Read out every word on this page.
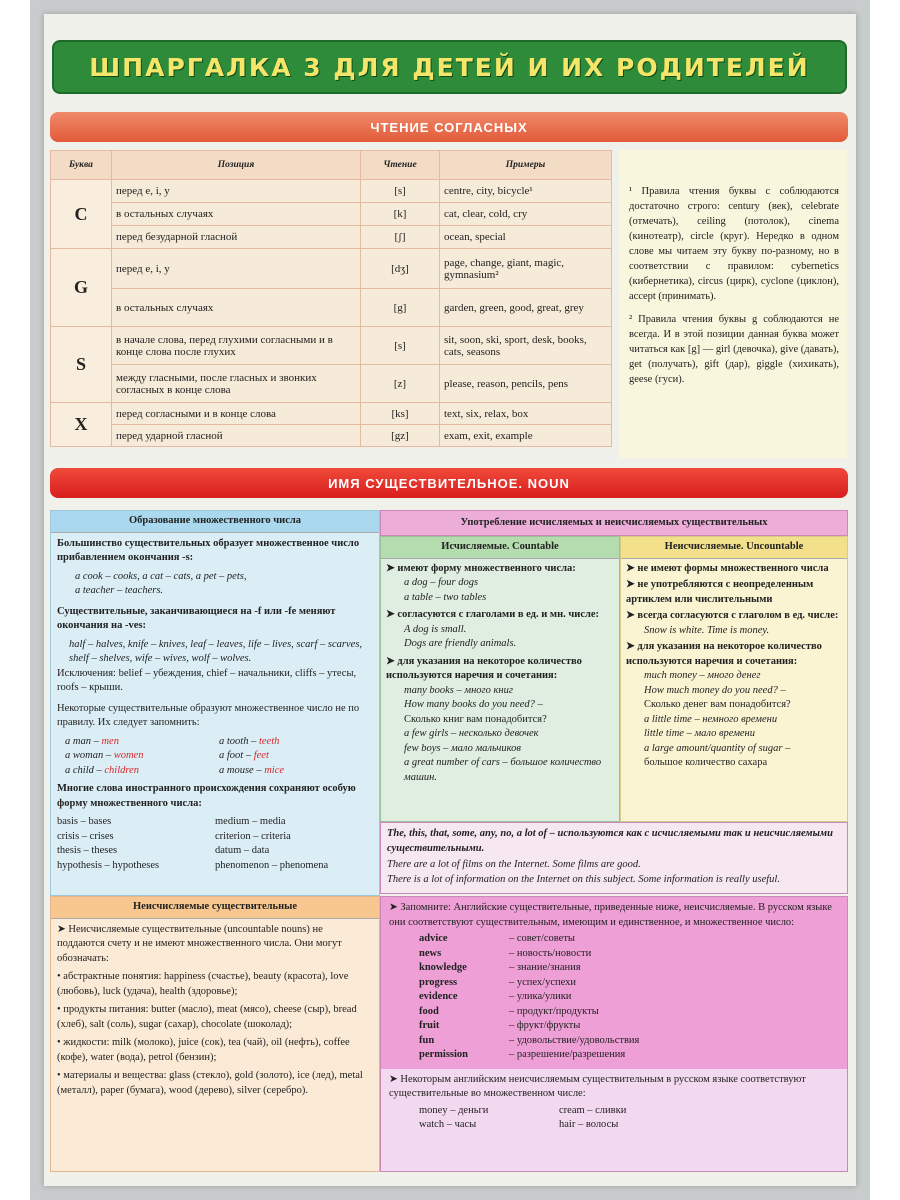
ШПАРГАЛКА 3 ДЛЯ ДЕТЕЙ И ИХ РОДИТЕЛЕЙ
ЧТЕНИЕ СОГЛАСНЫХ
Буква	Позиция	Чтение	Примеры
C	перед e, i, y	[s]	centre, city, bicycle¹
	в остальных случаях	[k]	cat, clear, cold, cry
	перед безударной гласной	[ʃ]	ocean, special
G	перед e, i, y	[dʒ]	page, change, giant, magic, gymnasium²
	в остальных случаях	[g]	garden, green, good, great, grey
S	в начале слова, перед глухими согласными и в конце слова после глухих	[s]	sit, soon, ski, sport, desk, books, cats, seasons
	между гласными, после гласных и звонких согласных в конце слова	[z]	please, reason, pencils, pens
X	перед согласными и в конце слова	[ks]	text, six, relax, box
	перед ударной гласной	[gz]	exam, exit, example

¹ Правила чтения буквы c соблюдаются достаточно строго: century (век), celebrate (отмечать), ceiling (потолок), cinema (кинотеатр), circle (круг). Нередко в одном слове мы читаем эту букву по-разному, но в соответствии с правилом: cybernetics (кибернетика), circus (цирк), cyclone (циклон), accept (принимать).

² Правила чтения буквы g соблюдаются не всегда. И в этой позиции данная буква может читаться как [g] — girl (девочка), give (давать), get (получать), gift (дар), giggle (хихикать), geese (гуси).

ИМЯ СУЩЕСТВИТЕЛЬНОЕ. NOUN
Образование множественного числа

Большинство существительных образует множественное число прибавлением окончания -s:

a cook – cooks, a cat – cats, a pet – pets,

a teacher – teachers.

Существительные, заканчивающиеся на -f или -fe меняют окончания на -ves:

half – halves, knife – knives, leaf – leaves, life – lives, scarf – scarves, shelf – shelves, wife – wives, wolf – wolves.

Исключения: belief – убеждения, chief – начальники, cliffs – утесы, roofs – крыши.

Некоторые существительные образуют множественное число не по правилу. Их следует запомнить:

a man – men	a tooth – teeth
a woman – women	a foot – feet
a child – children	a mouse – mice

Многие слова иностранного происхождения сохраняют особую форму множественного числа:

basis – bases	medium – media
crisis – crises	criterion – criteria
thesis – theses	datum – data
hypothesis – hypotheses	phenomenon – phenomena
Употребление исчисляемых и неисчисляемых существительных
Исчисляемые. Countable

➤ имеют форму множественного числа:

a dog – four dogs

a table – two tables

➤ согласуются с глаголами в ед. и мн. числе:

A dog is small.

Dogs are friendly animals.

➤ для указания на некоторое количество используются наречия и сочетания:

many books – много книг

How many books do you need? –

Сколько книг вам понадобится?

a few girls – несколько девочек

few boys – мало мальчиков

a great number of cars – большое количество машин.

Неисчисляемые. Uncountable

➤ не имеют формы множественного числа

➤ не употребляются с неопределенным артиклем или числительными

➤ всегда согласуются с глаголом в ед. числе:

Snow is white. Time is money.

➤ для указания на некоторое количество используются наречия и сочетания:

much money – много денег

How much money do you need? –

Сколько денег вам понадобится?

a little time – немного времени

little time – мало времени

a large amount/quantity of sugar –

большое количество сахара

The, this, that, some, any, no, a lot of – используются как с исчисляемыми так и неисчисляемыми существительными.

There are a lot of films on the Internet. Some films are good.

There is a lot of information on the Internet on this subject. Some information is really useful.

Неисчисляемые существительные

➤ Неисчисляемые существительные (uncountable nouns) не поддаются счету и не имеют множественного числа. Они могут обозначать:

• абстрактные понятия: happiness (счастье), beauty (красота), love (любовь), luck (удача), health (здоровье);

• продукты питания: butter (масло), meat (мясо), cheese (сыр), bread (хлеб), salt (соль), sugar (сахар), chocolate (шоколад);

• жидкости: milk (молоко), juice (сок), tea (чай), oil (нефть), coffee (кофе), water (вода), petrol (бензин);

• материалы и вещества: glass (стекло), gold (золото), ice (лед), metal (металл), paper (бумага), wood (дерево), silver (серебро).

➤ Запомните: Английские существительные, приведенные ниже, неисчисляемые. В русском языке они соответствуют существительным, имеющим и единственное, и множественное число:

advice	– совет/советы
news	– новость/новости
knowledge	– знание/знания
progress	– успех/успехи
evidence	– улика/улики
food	– продукт/продукты
fruit	– фрукт/фрукты
fun	– удовольствие/удовольствия
permission	– разрешение/разрешения

➤ Некоторым английским неисчисляемым существительным в русском языке соответствуют существительные во множественном числе:

money – деньги	cream – сливки
watch – часы	hair – волосы
